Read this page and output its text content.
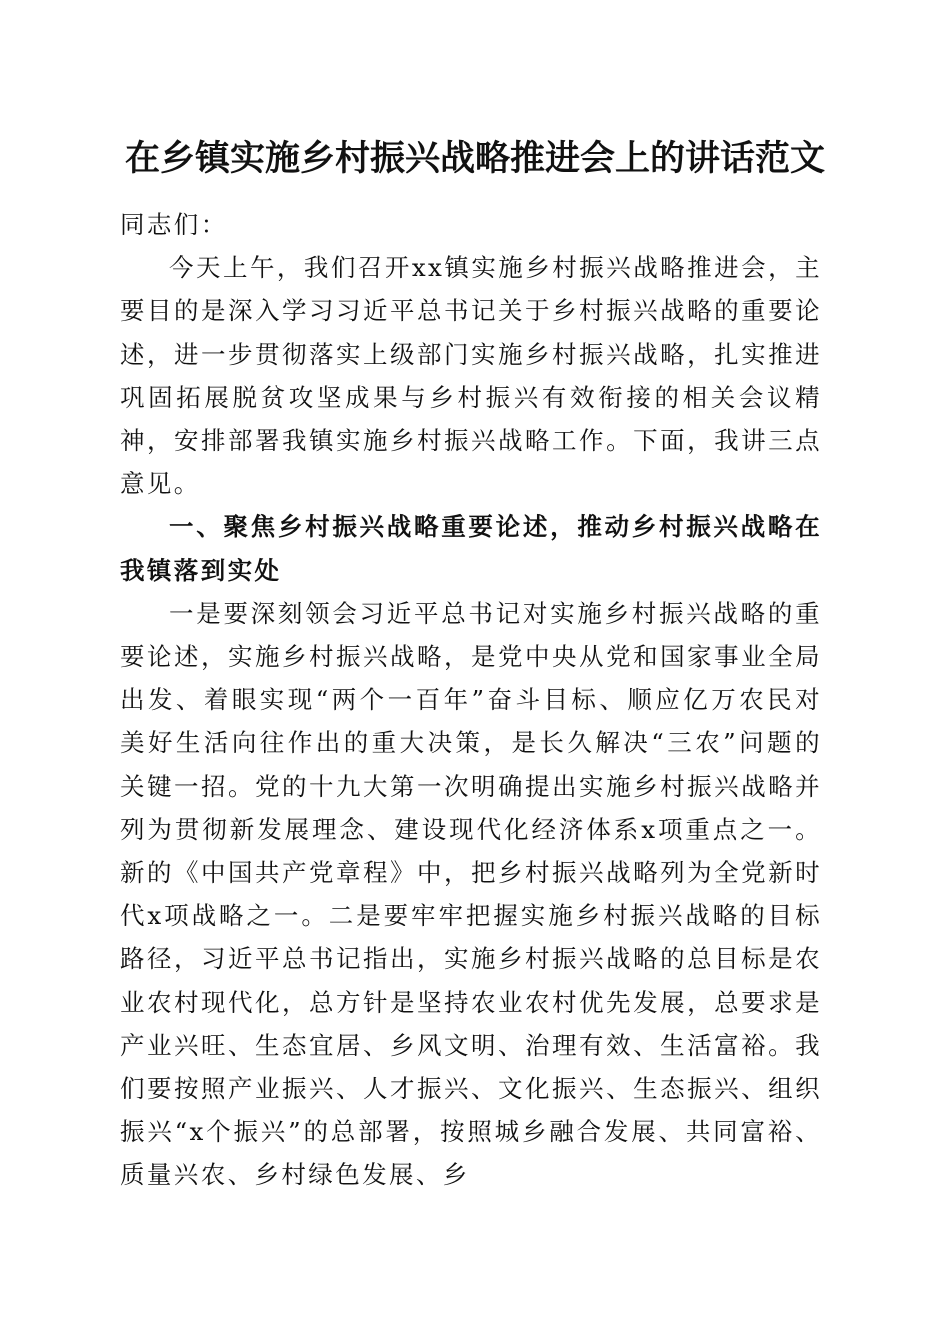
在乡镇实施乡村振兴战略推进会上的讲话范文

同志们：

今天上午，我们召开xx镇实施乡村振兴战略推进会，主要目的是深入学习习近平总书记关于乡村振兴战略的重要论述，进一步贯彻落实上级部门实施乡村振兴战略，扎实推进巩固拓展脱贫攻坚成果与乡村振兴有效衔接的相关会议精神，安排部署我镇实施乡村振兴战略工作。下面，我讲三点意见。

一、聚焦乡村振兴战略重要论述，推动乡村振兴战略在我镇落到实处

一是要深刻领会习近平总书记对实施乡村振兴战略的重要论述，实施乡村振兴战略，是党中央从党和国家事业全局出发、着眼实现“两个一百年”奋斗目标、顺应亿万农民对美好生活向往作出的重大决策，是长久解决“三农”问题的关键一招。党的十九大第一次明确提出实施乡村振兴战略并列为贯彻新发展理念、建设现代化经济体系x项重点之一。新的《中国共产党章程》中，把乡村振兴战略列为全党新时代x项战略之一。二是要牢牢把握实施乡村振兴战略的目标路径，习近平总书记指出，实施乡村振兴战略的总目标是农业农村现代化，总方针是坚持农业农村优先发展，总要求是产业兴旺、生态宜居、乡风文明、治理有效、生活富裕。我们要按照产业振兴、人才振兴、文化振兴、生态振兴、组织振兴“x个振兴”的总部署，按照城乡融合发展、共同富裕、质量兴农、乡村绿色发展、乡
